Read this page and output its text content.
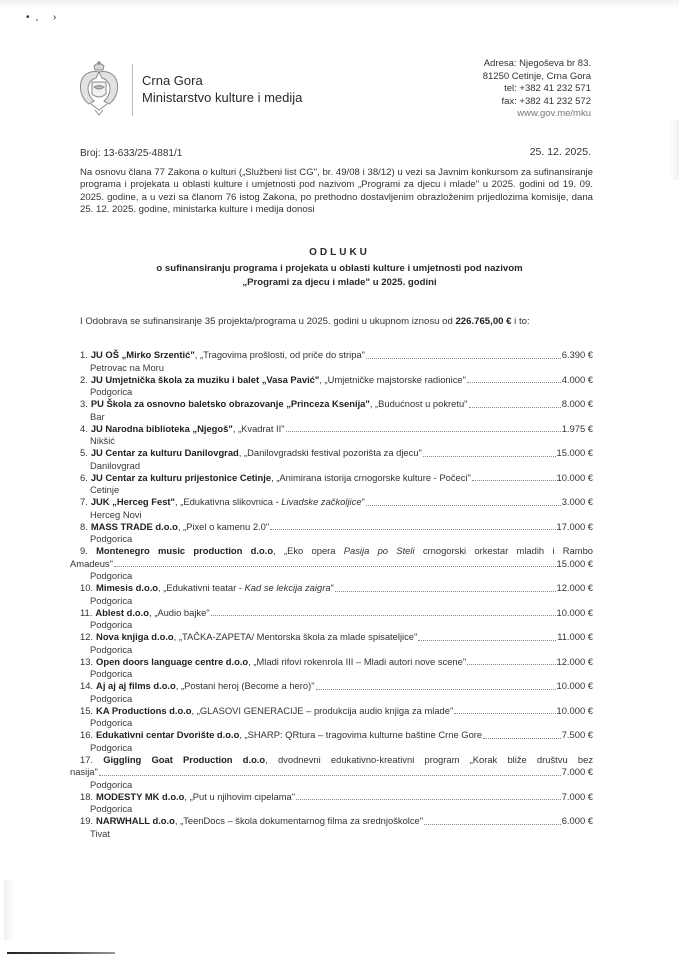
•, ›
Crna Gora
Ministarstvo kulture i medija
Adresa: Njegoševa br 83.
81250 Cetinje, Crna Gora
tel: +382 41 232 571
fax: +382 41 232 572
www.gov.me/mku
Broj: 13-633/25-4881/1	25. 12. 2025.
Na osnovu člana 77 Zakona o kulturi („Službeni list CG", br. 49/08 i 38/12) u vezi sa Javnim konkursom za sufinansiranje programa i projekata u oblasti kulture i umjetnosti pod nazivom „Programi za djecu i mlade" u 2025. godini od 19. 09. 2025. godine, a u vezi sa članom 76 istog Zakona, po prethodno dostavljenim obrazloženim prijedlozima komisije, dana 25. 12. 2025. godine, ministarka kulture i medija donosi
ODLUKU
o sufinansiranju programa i projekata u oblasti kulture i umjetnosti pod nazivom
„Programi za djecu i mlade" u 2025. godini
I Odobrava se sufinansiranje 35 projekta/programa u 2025. godini u ukupnom iznosu od 226.765,00 € i to:
1. JU OŠ „Mirko Srzentić" , „Tragovima prošlosti, od priče do stripa"	6.390 €
Petrovac na Moru
2. JU Umjetnička škola za muziku i balet „Vasa Pavić" , „Umjetničke majstorske radionice"	4.000 €
Podgorica
3. PU Škola za osnovno baletsko obrazovanje „Princeza Ksenija" , „Budućnost u pokretu"	8.000 €
Bar
4. JU Narodna biblioteka „Njegoš" , „Kvadrat II"	1.975 €
Nikšić
5. JU Centar za kulturu Danilovgrad , „Danilovgradski festival pozorišta za djecu"	15.000 €
Danilovgrad
6. JU Centar za kulturu prijestonice Cetinje , „Animirana istorija crnogorske kulture - Počeci"	10.000 €
Cetinje
7. JUK „Herceg Fest" , „Edukativna slikovnica - Livadske začkoljice"	3.000 €
Herceg Novi
8. MASS TRADE d.o.o , „Pixel o kamenu 2.0"	17.000 €
Podgorica
9. Montenegro music production d.o.o, „Eko opera Pasija po Steli crnogorski orkestar mladih i Rambo
Amadeus"	15.000 €
Podgorica
10. Mimesis d.o.o , „Edukativni teatar - Kad se lekcija zaigra"	12.000 €
Podgorica
11. Ablest d.o.o , „Audio bajke"	10.000 €
Podgorica
12. Nova knjiga d.o.o , „TAČKA-ZAPETA/ Mentorska škola za mlade spisateljice"	11.000 €
Podgorica
13. Open doors language centre d.o.o , „Mladi rifovi rokenrola III – Mladi autori nove scene"	12.000 €
Podgorica
14. Aj aj aj films d.o.o , „Postani heroj (Become a hero)"	10.000 €
Podgorica
15. KA Productions d.o.o , „GLASOVI GENERACIJE – produkcija audio knjiga za mlade"	10.000 €
Podgorica
16. Edukativni centar Dvorište d.o.o , „SHARP: QRtura – tragovima kulturne baštine Crne Gore	7.500 €
Podgorica
17. Giggling Goat Production d.o.o, dvodnevni edukativno-kreativni program „Korak bliže društvu bez
nasija"	7.000 €
Podgorica
18. MODESTY MK d.o.o , „Put u njihovim cipelama"	7.000 €
Podgorica
19. NARWHALL d.o.o , „TeenDocs – škola dokumentarnog filma za srednjoškolce"	6.000 €
Tivat
